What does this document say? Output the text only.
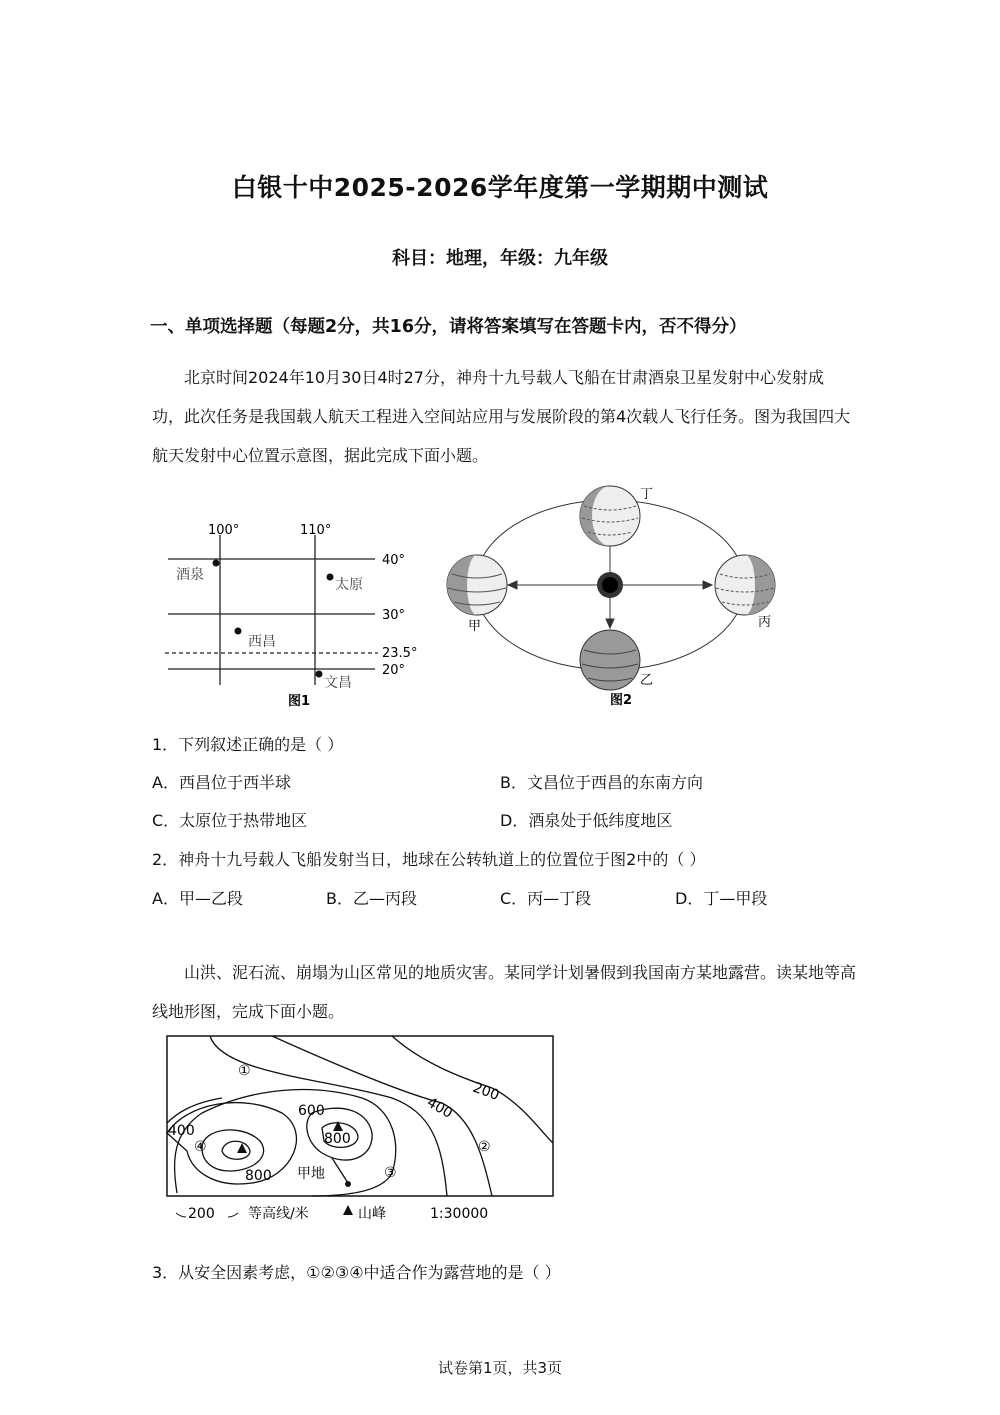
白银十中2025-2026学年度第一学期期中测试
科目：地理，年级：九年级
一、单项选择题（每题2分，共16分，请将答案填写在答题卡内，否不得分）
北京时间2024年10月30日4时27分，神舟十九号载人飞船在甘肃酒泉卫星发射中心发射成功，此次任务是我国载人航天工程进入空间站应用与发展阶段的第4次载人飞行任务。图为我国四大航天发射中心位置示意图，据此完成下面小题。
100°	110°
40°
30°
23.5°
20°
酒泉
太原
西昌
文昌
图1
丁
甲	丙
乙
图2
1．下列叙述正确的是（ ）
A．西昌位于西半球	B．文昌位于西昌的东南方向
C．太原位于热带地区	D．酒泉处于低纬度地区
2．神舟十九号载人飞船发射当日，地球在公转轨道上的位置位于图2中的（ ）
A．甲—乙段	B．乙—丙段	C．丙—丁段	D．丁—甲段
山洪、泥石流、崩塌为山区常见的地质灾害。某同学计划暑假到我国南方某地露营。读某地等高线地形图，完成下面小题。
①
②
③
④
200
400
600
800
800
400
甲地
200 等高线/米	山峰	1:30000
3．从安全因素考虑，①②③④中适合作为露营地的是（ ）
试卷第1页，共3页
